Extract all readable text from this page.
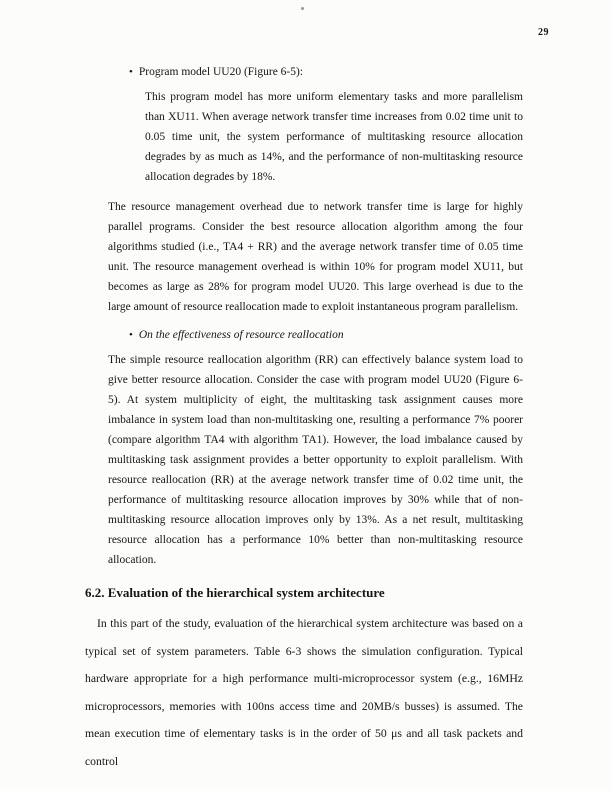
29
• Program model UU20 (Figure 6-5):

This program model has more uniform elementary tasks and more parallelism than XU11. When average network transfer time increases from 0.02 time unit to 0.05 time unit, the system performance of multitasking resource allocation degrades by as much as 14%, and the performance of non-multitasking resource allocation degrades by 18%.

The resource management overhead due to network transfer time is large for highly parallel programs. Consider the best resource allocation algorithm among the four algorithms studied (i.e., TA4 + RR) and the average network transfer time of 0.05 time unit. The resource management overhead is within 10% for program model XU11, but becomes as large as 28% for program model UU20. This large overhead is due to the large amount of resource reallocation made to exploit instantaneous program parallelism.

• On the effectiveness of resource reallocation

The simple resource reallocation algorithm (RR) can effectively balance system load to give better resource allocation. Consider the case with program model UU20 (Figure 6-5). At system multiplicity of eight, the multitasking task assignment causes more imbalance in system load than non-multitasking one, resulting a performance 7% poorer (compare algorithm TA4 with algorithm TA1). However, the load imbalance caused by multitasking task assignment provides a better opportunity to exploit parallelism. With resource reallocation (RR) at the average network transfer time of 0.02 time unit, the performance of multitasking resource allocation improves by 30% while that of non-multitasking resource allocation improves only by 13%. As a net result, multitasking resource allocation has a performance 10% better than non-multitasking resource allocation.

6.2. Evaluation of the hierarchical system architecture

In this part of the study, evaluation of the hierarchical system architecture was based on a typical set of system parameters. Table 6-3 shows the simulation configuration. Typical hardware appropriate for a high performance multi-microprocessor system (e.g., 16MHz microprocessors, memories with 100ns access time and 20MB/s busses) is assumed. The mean execution time of elementary tasks is in the order of 50 μs and all task packets and control
